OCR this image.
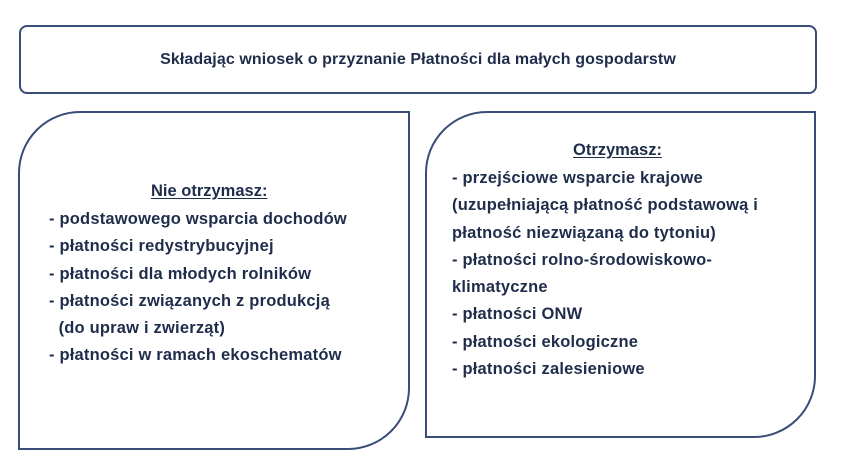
Składając wniosek o przyznanie Płatności dla małych gospodarstw
Nie otrzymasz:
- podstawowego wsparcia dochodów
- płatności redystrybucyjnej
- płatności dla młodych rolników
- płatności związanych z produkcją
(do upraw i zwierząt)
- płatności w ramach ekoschematów
Otrzymasz:
- przejściowe wsparcie krajowe
(uzupełniającą płatność podstawową i
płatność niezwiązaną do tytoniu)
- płatności rolno-środowiskowo-
klimatyczne
- płatności ONW
- płatności ekologiczne
- płatności zalesieniowe
